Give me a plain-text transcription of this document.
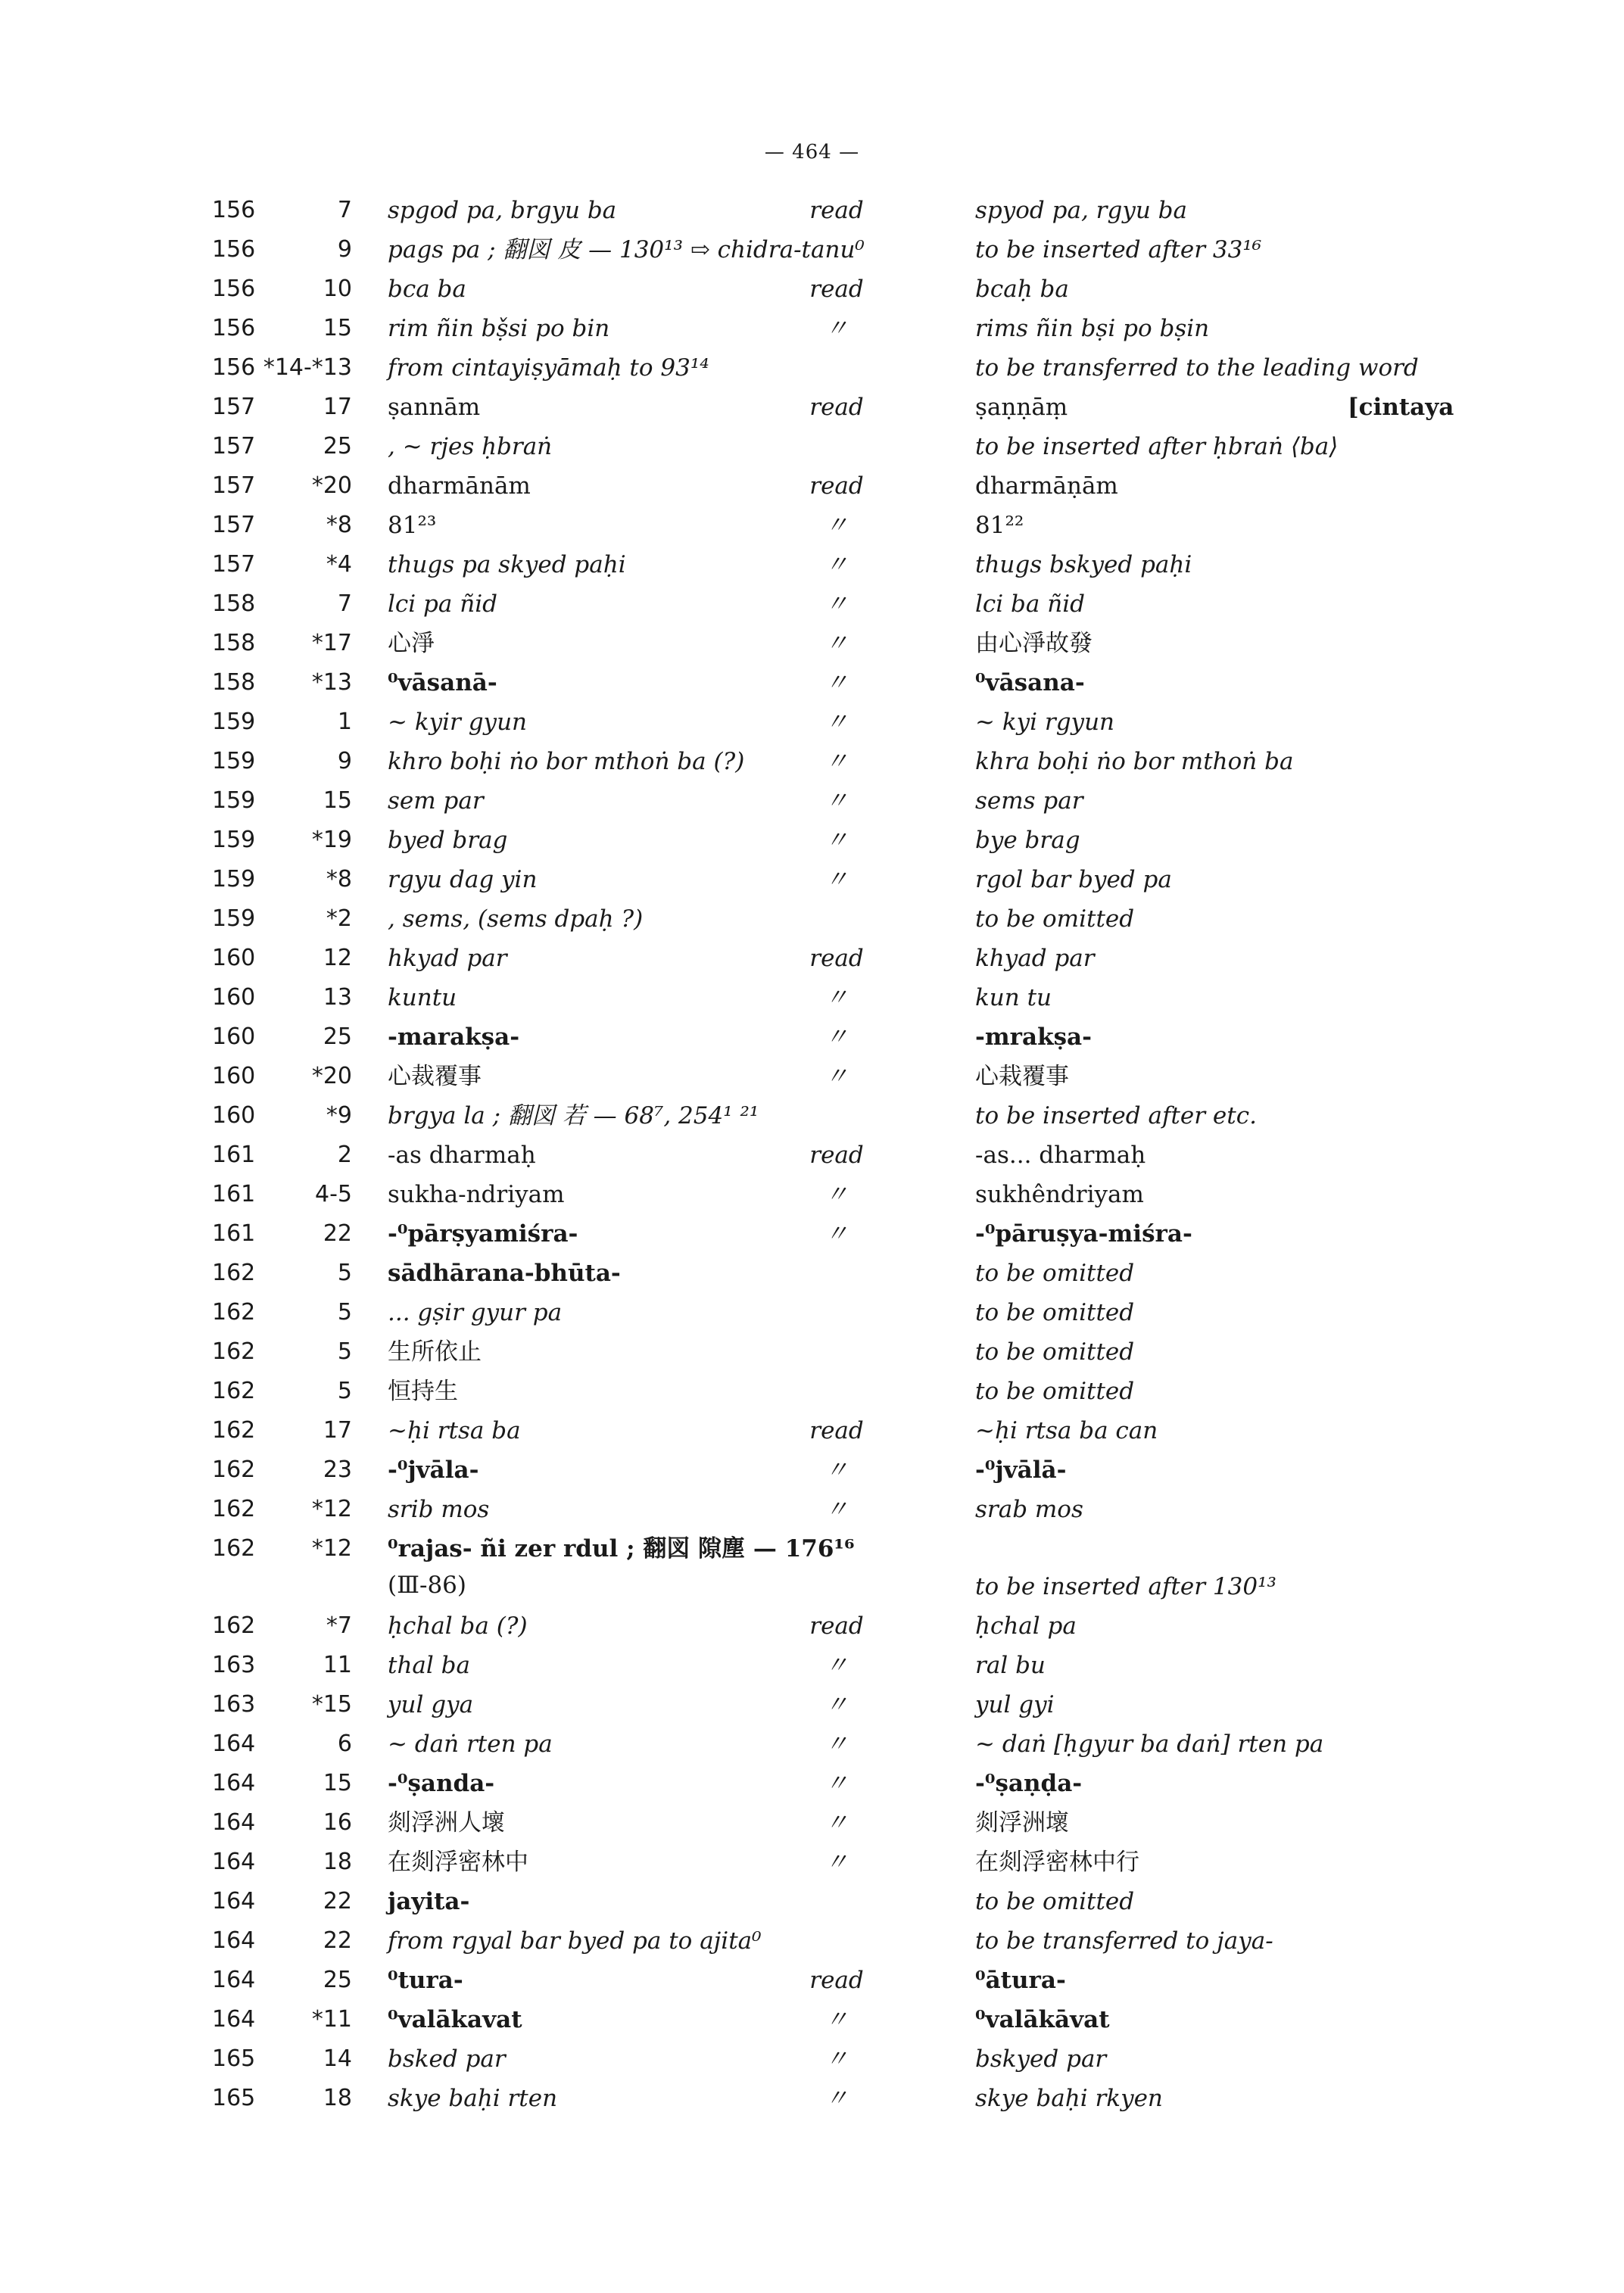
— 464 —
156	7 spgod pa, brgyu ba	read	spyod pa, rgyu ba
156	9 pags pa ; 翻図 皮 — 130¹³ ⇨ chidra-tanu⁰	to be inserted after 33¹⁶
156	10 bca ba	read	bcaḥ ba
156	15 rim ñin bṣ̌si po bin	〃	rims ñin bṣi po bṣin
156 *14-*13 from cintayiṣyāmaḥ to 93¹⁴	to be transferred to the leading word
157	17 ṣannām	read	ṣaṇṇāṃ	[cintaya
157	25 , ~ rjes ḥbraṅ	to be inserted after ḥbraṅ ⟨ba⟩
157	*20 dharmānām	read	dharmāṇām
157	*8 81²³	〃	81²²
157	*4 thugs pa skyed paḥi	〃	thugs bskyed paḥi
158	7 lci pa ñid	〃	lci ba ñid
158	*17 心淨	〃	由心淨故發
158	*13 ⁰vāsanā-	〃	⁰vāsana-
159	1 ~ kyir gyun	〃	~ kyi rgyun
159	9 khro boḥi ṅo bor mthoṅ ba (?)	〃	khra boḥi ṅo bor mthoṅ ba
159	15 sem par	〃	sems par
159	*19 byed brag	〃	bye brag
159	*8 rgyu dag yin	〃	rgol bar byed pa
159	*2 , sems, (sems dpaḥ ?)	to be omitted
160	12 hkyad par	read	khyad par
160	13 kuntu	〃	kun tu
160	25 -marakṣa-	〃	-mrakṣa-
160	*20 心裁覆事	〃	心栽覆事
160	*9 brgya la ; 翻図 若 — 68⁷, 254¹ ²¹	to be inserted after etc.
161	2 -as dharmaḥ	read	-as... dharmaḥ
161	4-5 sukha-ndriyam	〃	sukhêndriyam
161	22 -⁰pārṣyamiśra-	〃	-⁰pāruṣya-miśra-
162	5 sādhārana-bhūta-	to be omitted
162	5 ... gṣir gyur pa	to be omitted
162	5 生所依止	to be omitted
162	5 恒持生	to be omitted
162	17 ~ḥi rtsa ba	read	~ḥi rtsa ba can
162	23 -⁰jvāla-	〃	-⁰jvālā-
162	*12 srib mos	〃	srab mos
162	*12 ⁰rajas- ñi zer rdul ; 翻図 隙塵 — 176¹⁶
(Ⅲ-86)	to be inserted after 130¹³
162	*7 ḥchal ba (?)	read	ḥchal pa
163	11 thal ba	〃	ral bu
163	*15 yul gya	〃	yul gyi
164	6 ~ daṅ rten pa	〃	~ daṅ [ḥgyur ba daṅ] rten pa
164	15 -⁰ṣanda-	〃	-⁰ṣaṇḍa-
164	16 剡浮洲人壞	〃	剡浮洲壞
164	18 在剡浮密林中	〃	在剡浮密林中行
164	22 jayita-	to be omitted
164	22 from rgyal bar byed pa to ajita⁰	to be transferred to jaya-
164	25 ⁰tura-	read	⁰ātura-
164	*11 ⁰valākavat	〃	⁰valākāvat
165	14 bsked par	〃	bskyed par
165	18 skye baḥi rten	〃	skye baḥi rkyen
